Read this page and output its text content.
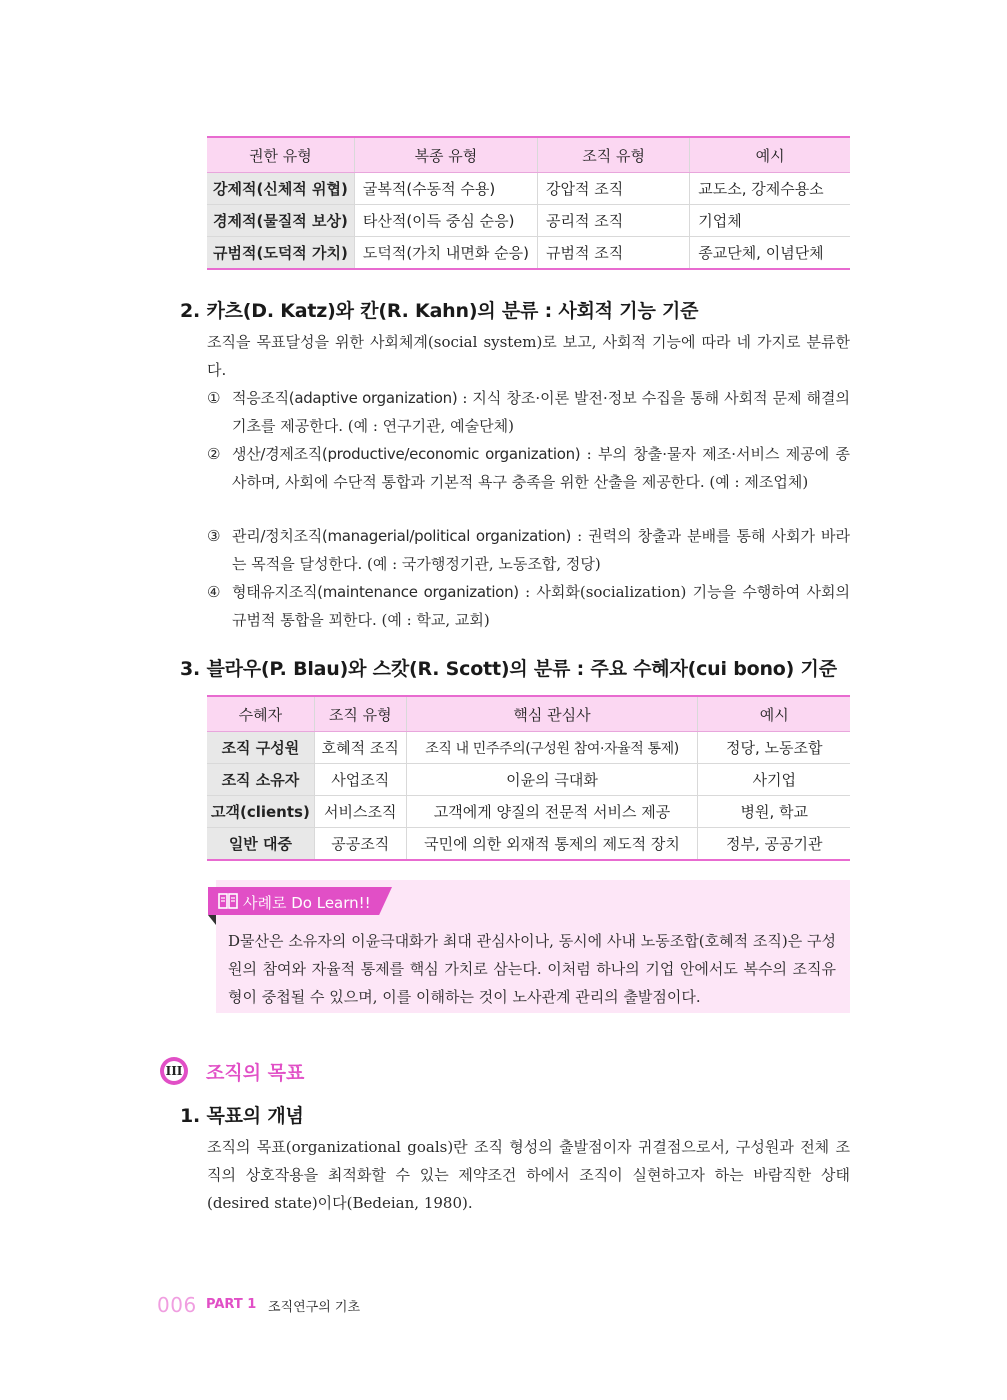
권한 유형	복종 유형	조직 유형	예시
강제적(신체적 위협)	굴복적(수동적 수용)	강압적 조직	교도소, 강제수용소
경제적(물질적 보상)	타산적(이득 중심 순응)	공리적 조직	기업체
규범적(도덕적 가치)	도덕적(가치 내면화 순응)	규범적 조직	종교단체, 이념단체
2. 카츠(D. Katz)와 칸(R. Kahn)의 분류 : 사회적 기능 기준

조직을 목표달성을 위한 사회체계(social system)로 보고, 사회적 기능에 따라 네 가지로 분류한다.

① 적응조직(adaptive organization) : 지식 창조·이론 발전·정보 수집을 통해 사회적 문제 해결의 기초를 제공한다. (예 : 연구기관, 예술단체)
② 생산/경제조직(productive/economic organization) : 부의 창출·물자 제조·서비스 제공에 종사하며, 사회에 수단적 통합과 기본적 욕구 충족을 위한 산출을 제공한다. (예 : 제조업체)
③ 관리/정치조직(managerial/political organization) : 권력의 창출과 분배를 통해 사회가 바라는 목적을 달성한다. (예 : 국가행정기관, 노동조합, 정당)
④ 형태유지조직(maintenance organization) : 사회화(socialization) 기능을 수행하여 사회의 규범적 통합을 꾀한다. (예 : 학교, 교회)
3. 블라우(P. Blau)와 스캇(R. Scott)의 분류 : 주요 수혜자(cui bono) 기준
수혜자	조직 유형	핵심 관심사	예시
조직 구성원	호혜적 조직	조직 내 민주주의(구성원 참여·자율적 통제)	정당, 노동조합
조직 소유자	사업조직	이윤의 극대화	사기업
고객(clients)	서비스조직	고객에게 양질의 전문적 서비스 제공	병원, 학교
일반 대중	공공조직	국민에 의한 외재적 통제의 제도적 장치	정부, 공공기관
사례로 Do Learn!!

D물산은 소유자의 이윤극대화가 최대 관심사이나, 동시에 사내 노동조합(호혜적 조직)은 구성원의 참여와 자율적 통제를 핵심 가치로 삼는다. 이처럼 하나의 기업 안에서도 복수의 조직유형이 중첩될 수 있으며, 이를 이해하는 것이 노사관계 관리의 출발점이다.

III 조직의 목표
1. 목표의 개념

조직의 목표(organizational goals)란 조직 형성의 출발점이자 귀결점으로서, 구성원과 전체 조직의 상호작용을 최적화할 수 있는 제약조건 하에서 조직이 실현하고자 하는 바람직한 상태(desired state)이다(Bedeian, 1980).

006 PART 1 조직연구의 기초
